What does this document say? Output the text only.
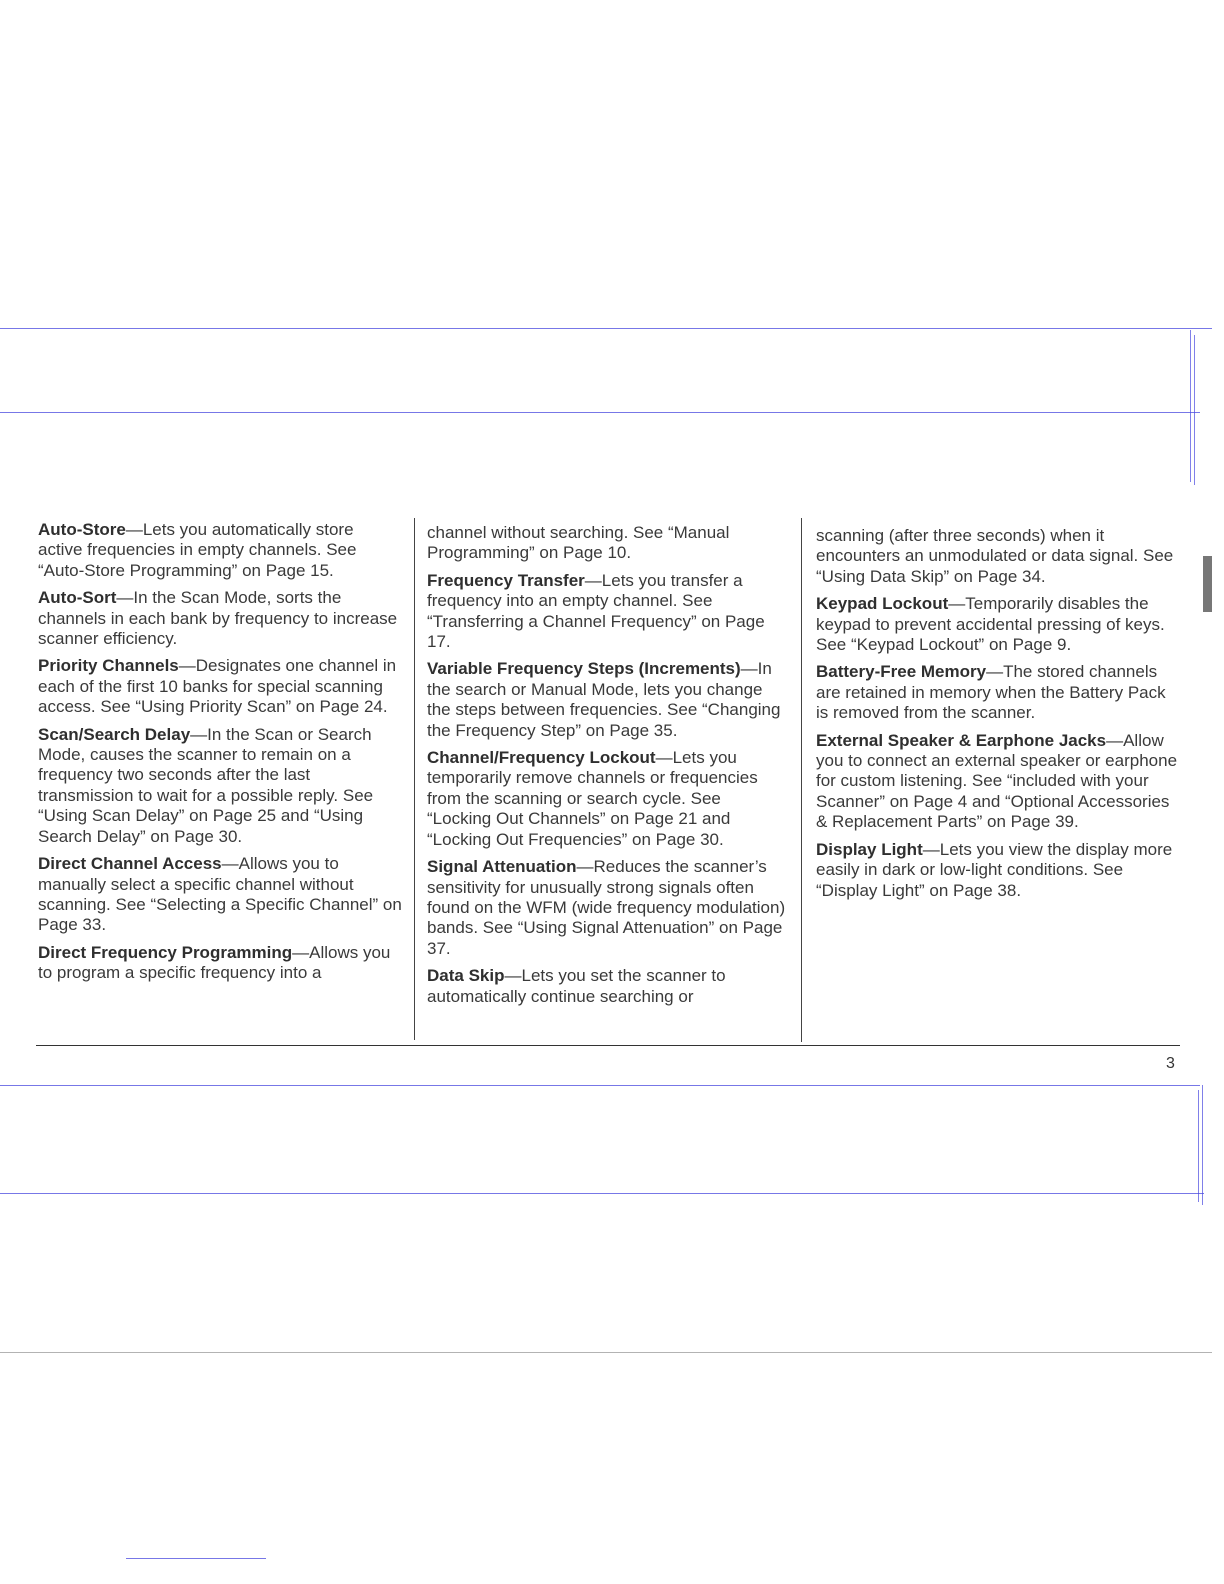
Auto-Store—Lets you automatically store active frequencies in empty channels. See “Auto-Store Programming” on Page 15.

Auto-Sort—In the Scan Mode, sorts the channels in each bank by frequency to increase scanner efficiency.

Priority Channels—Designates one channel in each of the first 10 banks for special scanning access. See “Using Priority Scan” on Page 24.

Scan/Search Delay—In the Scan or Search Mode, causes the scanner to remain on a frequency two seconds after the last transmission to wait for a possible reply. See “Using Scan Delay” on Page 25 and “Using Search Delay” on Page 30.

Direct Channel Access—Allows you to manually select a specific channel without scanning. See “Selecting a Specific Channel” on Page 33.

Direct Frequency Programming—Allows you to program a specific frequency into a

channel without searching. See “Manual Programming” on Page 10.

Frequency Transfer—Lets you transfer a frequency into an empty channel. See “Transferring a Channel Frequency” on Page 17.

Variable Frequency Steps (Increments)—In the search or Manual Mode, lets you change the steps between frequencies. See “Changing the Frequency Step” on Page 35.

Channel/Frequency Lockout—Lets you temporarily remove channels or frequencies from the scanning or search cycle. See “Locking Out Channels” on Page 21 and “Locking Out Frequencies” on Page 30.

Signal Attenuation—Reduces the scanner’s sensitivity for unusually strong signals often found on the WFM (wide frequency modulation) bands. See “Using Signal Attenuation” on Page 37.

Data Skip—Lets you set the scanner to automatically continue searching or

scanning (after three seconds) when it encounters an unmodulated or data signal. See “Using Data Skip” on Page 34.

Keypad Lockout—Temporarily disables the keypad to prevent accidental pressing of keys. See “Keypad Lockout” on Page 9.

Battery-Free Memory—The stored channels are retained in memory when the Battery Pack is removed from the scanner.

External Speaker & Earphone Jacks—Allow you to connect an external speaker or earphone for custom listening. See “included with your Scanner” on Page 4 and “Optional Accessories & Replacement Parts” on Page 39.

Display Light—Lets you view the display more easily in dark or low-light conditions. See “Display Light” on Page 38.

3
